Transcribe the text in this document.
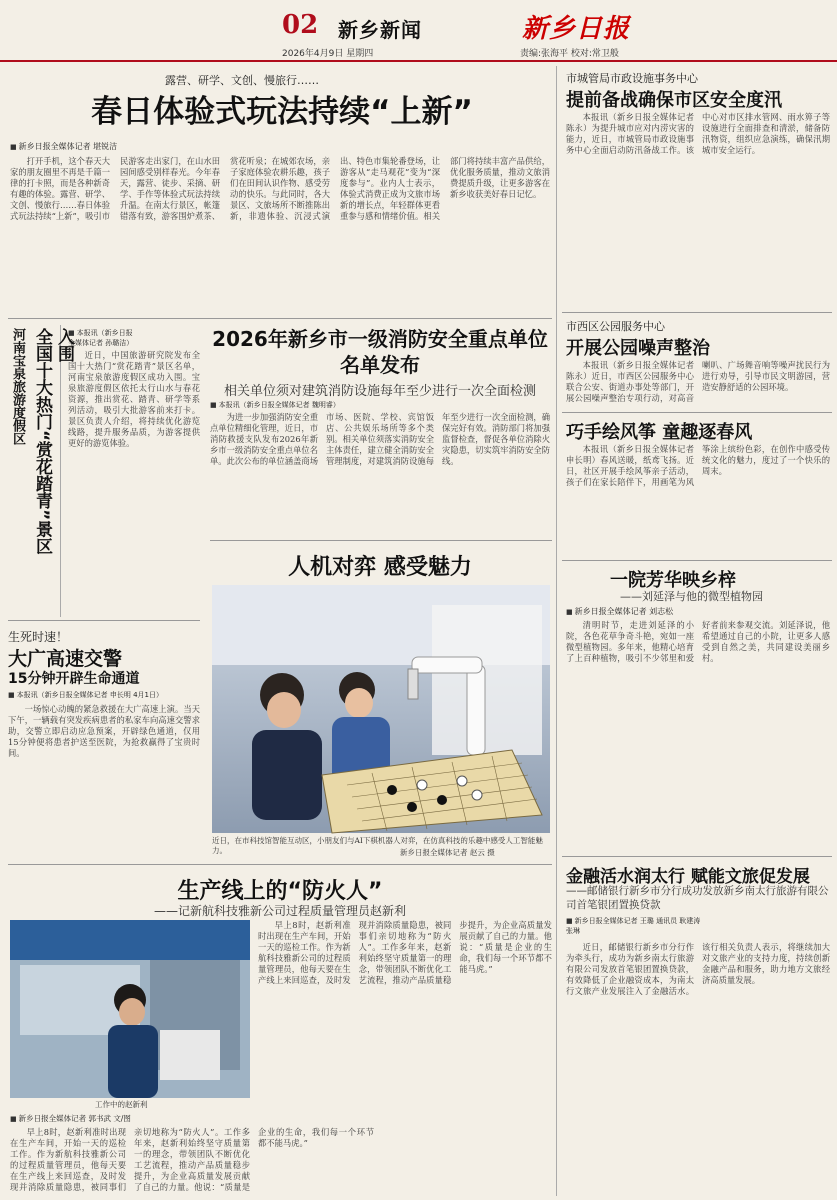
02 新乡新闻	新乡日报
2026年4月9日 星期四	责编:张海平 校对:常卫般
露营、研学、文创、慢旅行……
春日体验式玩法持续“上新”
■ 新乡日报全媒体记者 堪锐洁

打开手机，这个春天大家的朋友圈里不再是千篇一律的打卡照，而是各种新奇有趣的体验。露营、研学、文创、慢旅行……春日体验式玩法持续“上新”，吸引市民游客走出家门，在山水田园间感受别样春光。今年春天，露营、徒步、采摘、研学、手作等体验式玩法持续升温。在南太行景区，帐篷错落有致，游客围炉煮茶、赏花听泉；在城郊农场，亲子家庭体验农耕乐趣，孩子们在田间认识作物、感受劳动的快乐。与此同时，各大景区、文旅场所不断推陈出新，非遗体验、沉浸式演出、特色市集轮番登场，让游客从“走马观花”变为“深度参与”。业内人士表示，体验式消费正成为文旅市场新的增长点，年轻群体更看重参与感和情绪价值。相关部门将持续丰富产品供给，优化服务质量，推动文旅消费提质升级，让更多游客在新乡收获美好春日记忆。

河南宝泉旅游度假区 全国十大热门“赏花踏青”景区 入围
■ 本报讯（新乡日报全媒体记者 孙璐洁）

近日，中国旅游研究院发布全国十大热门“赏花踏青”景区名单，河南宝泉旅游度假区成功入围。宝泉旅游度假区依托太行山水与春花资源，推出赏花、踏青、研学等系列活动，吸引大批游客前来打卡。景区负责人介绍，将持续优化游览线路，提升服务品质，为游客提供更好的游览体验。

生死时速！
大广高速交警
15分钟开辟生命通道
■ 本报讯（新乡日报全媒体记者 申长明 4月1日）

一场惊心动魄的紧急救援在大广高速上演。当天下午，一辆载有突发疾病患者的私家车向高速交警求助，交警立即启动应急预案，开辟绿色通道，仅用15分钟便将患者护送至医院，为抢救赢得了宝贵时间。

2026年新乡市一级消防安全重点单位名单发布
相关单位须对建筑消防设施每年至少进行一次全面检测
■ 本报讯（新乡日报全媒体记者 魏明睿）

为进一步加强消防安全重点单位精细化管理，近日，市消防救援支队发布2026年新乡市一级消防安全重点单位名单。此次公布的单位涵盖商场市场、医院、学校、宾馆饭店、公共娱乐场所等多个类别。相关单位须落实消防安全主体责任，建立健全消防安全管理制度，对建筑消防设施每年至少进行一次全面检测，确保完好有效。消防部门将加强监督检查，督促各单位消除火灾隐患，切实筑牢消防安全防线。

人机对弈 感受魅力
近日，在市科技馆智能互动区，小朋友们与AI下棋机器人对弈，在仿真科技的乐趣中感受人工智能魅力。	新乡日报全媒体记者 赵云 摄
生产线上的“防火人”
——记新航科技雅新公司过程质量管理员赵新利
工作中的赵新利
■ 新乡日报全媒体记者 郭书武 文/图

早上8时，赵新利准时出现在生产车间，开始一天的巡检工作。作为新航科技雅新公司的过程质量管理员，他每天要在生产线上来回巡查，及时发现并消除质量隐患，被同事们亲切地称为“防火人”。工作多年来，赵新利始终坚守质量第一的理念，带领团队不断优化工艺流程，推动产品质量稳步提升，为企业高质量发展贡献了自己的力量。他说：“质量是企业的生命，我们每一个环节都不能马虎。”

早上8时，赵新利准时出现在生产车间，开始一天的巡检工作。作为新航科技雅新公司的过程质量管理员，他每天要在生产线上来回巡查，及时发现并消除质量隐患，被同事们亲切地称为“防火人”。工作多年来，赵新利始终坚守质量第一的理念，带领团队不断优化工艺流程，推动产品质量稳步提升，为企业高质量发展贡献了自己的力量。他说：“质量是企业的生命，我们每一个环节都不能马虎。”

市城管局市政设施事务中心
提前备战确保市区安全度汛

本报讯（新乡日报全媒体记者 陈永）为提升城市应对内涝灾害的能力，近日，市城管局市政设施事务中心全面启动防汛备战工作。该中心对市区排水管网、雨水箅子等设施进行全面排查和清淤，储备防汛物资，组织应急演练，确保汛期城市安全运行。

市西区公园服务中心
开展公园噪声整治

本报讯（新乡日报全媒体记者 陈永）近日，市西区公园服务中心联合公安、街道办事处等部门，开展公园噪声整治专项行动，对高音喇叭、广场舞音响等噪声扰民行为进行劝导，引导市民文明游园，营造安静舒适的公园环境。

巧手绘风筝 童趣逐春风

本报讯（新乡日报全媒体记者 申长明）春风送暖，纸鸢飞扬。近日，社区开展手绘风筝亲子活动，孩子们在家长陪伴下，用画笔为风筝涂上缤纷色彩，在创作中感受传统文化的魅力，度过了一个快乐的周末。

一院芳华映乡梓
——刘延泽与他的微型植物园
■ 新乡日报全媒体记者 刘志松

清明时节，走进刘延泽的小院，各色花草争奇斗艳，宛如一座微型植物园。多年来，他精心培育了上百种植物，吸引不少邻里和爱好者前来参观交流。刘延泽说，他希望通过自己的小院，让更多人感受到自然之美，共同建设美丽乡村。

金融活水润太行 赋能文旅促发展
——邮储银行新乡市分行成功发放新乡南太行旅游有限公司首笔银团置换贷款
■ 新乡日报全媒体记者 王璐 通讯员 耿建涛 张琳

近日，邮储银行新乡市分行作为牵头行，成功为新乡南太行旅游有限公司发放首笔银团置换贷款，有效降低了企业融资成本，为南太行文旅产业发展注入了金融活水。该行相关负责人表示，将继续加大对文旅产业的支持力度，持续创新金融产品和服务，助力地方文旅经济高质量发展。
